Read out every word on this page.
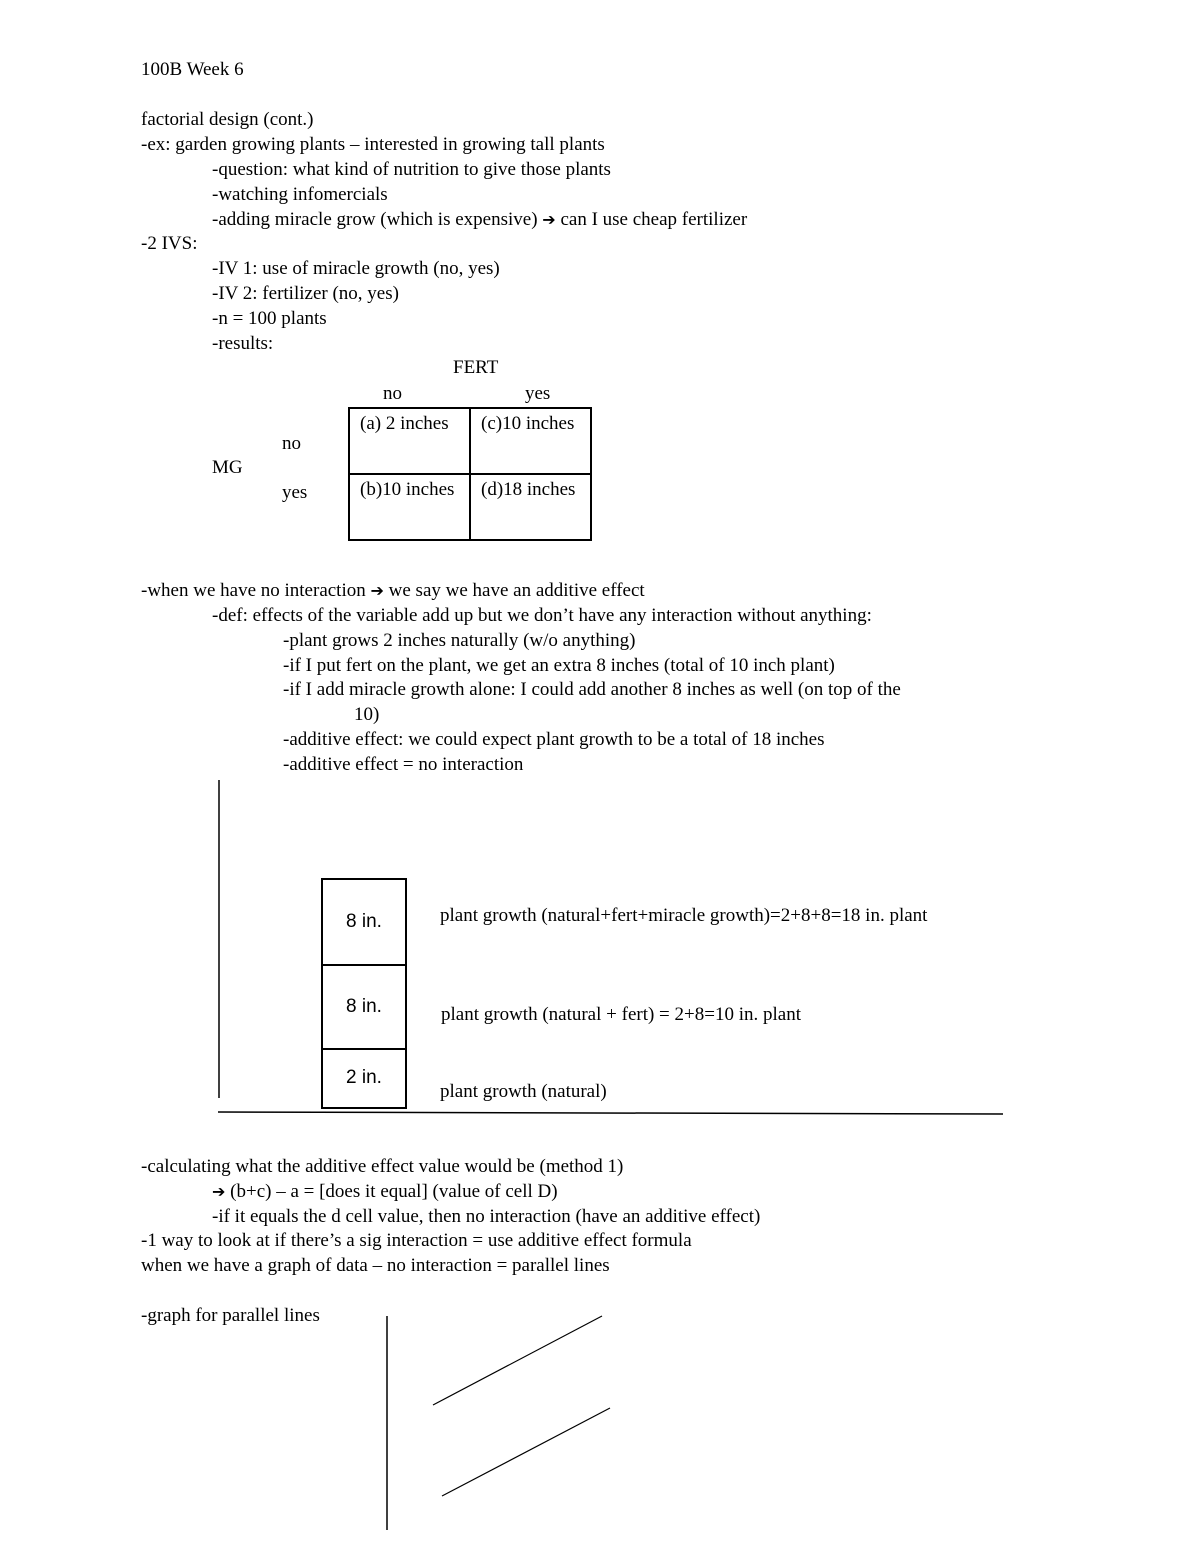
100B Week 6
factorial design (cont.)
-ex: garden growing plants – interested in growing tall plants
-question: what kind of nutrition to give those plants
-watching infomercials
-adding miracle grow (which is expensive) ➔ can I use cheap fertilizer
-2 IVS:
-IV 1: use of miracle growth (no, yes)
-IV 2: fertilizer (no, yes)
-n = 100 plants
-results:
FERT
no	yes
no
MG
yes
(a) 2 inches	(c)10 inches
(b)10 inches	(d)18 inches
-when we have no interaction ➔ we say we have an additive effect
-def: effects of the variable add up but we don’t have any interaction without anything:
-plant grows 2 inches naturally (w/o anything)
-if I put fert on the plant, we get an extra 8 inches (total of 10 inch plant)
-if I add miracle growth alone: I could add another 8 inches as well (on top of the
10)
-additive effect: we could expect plant growth to be a total of 18 inches
-additive effect = no interaction
8 in.
8 in.
2 in.
plant growth (natural+fert+miracle growth)=2+8+8=18 in. plant
plant growth (natural + fert) = 2+8=10 in. plant
plant growth (natural)
-calculating what the additive effect value would be (method 1)
➔ (b+c) – a = [does it equal] (value of cell D)
-if it equals the d cell value, then no interaction (have an additive effect)
-1 way to look at if there’s a sig interaction = use additive effect formula
when we have a graph of data – no interaction = parallel lines
-graph for parallel lines
